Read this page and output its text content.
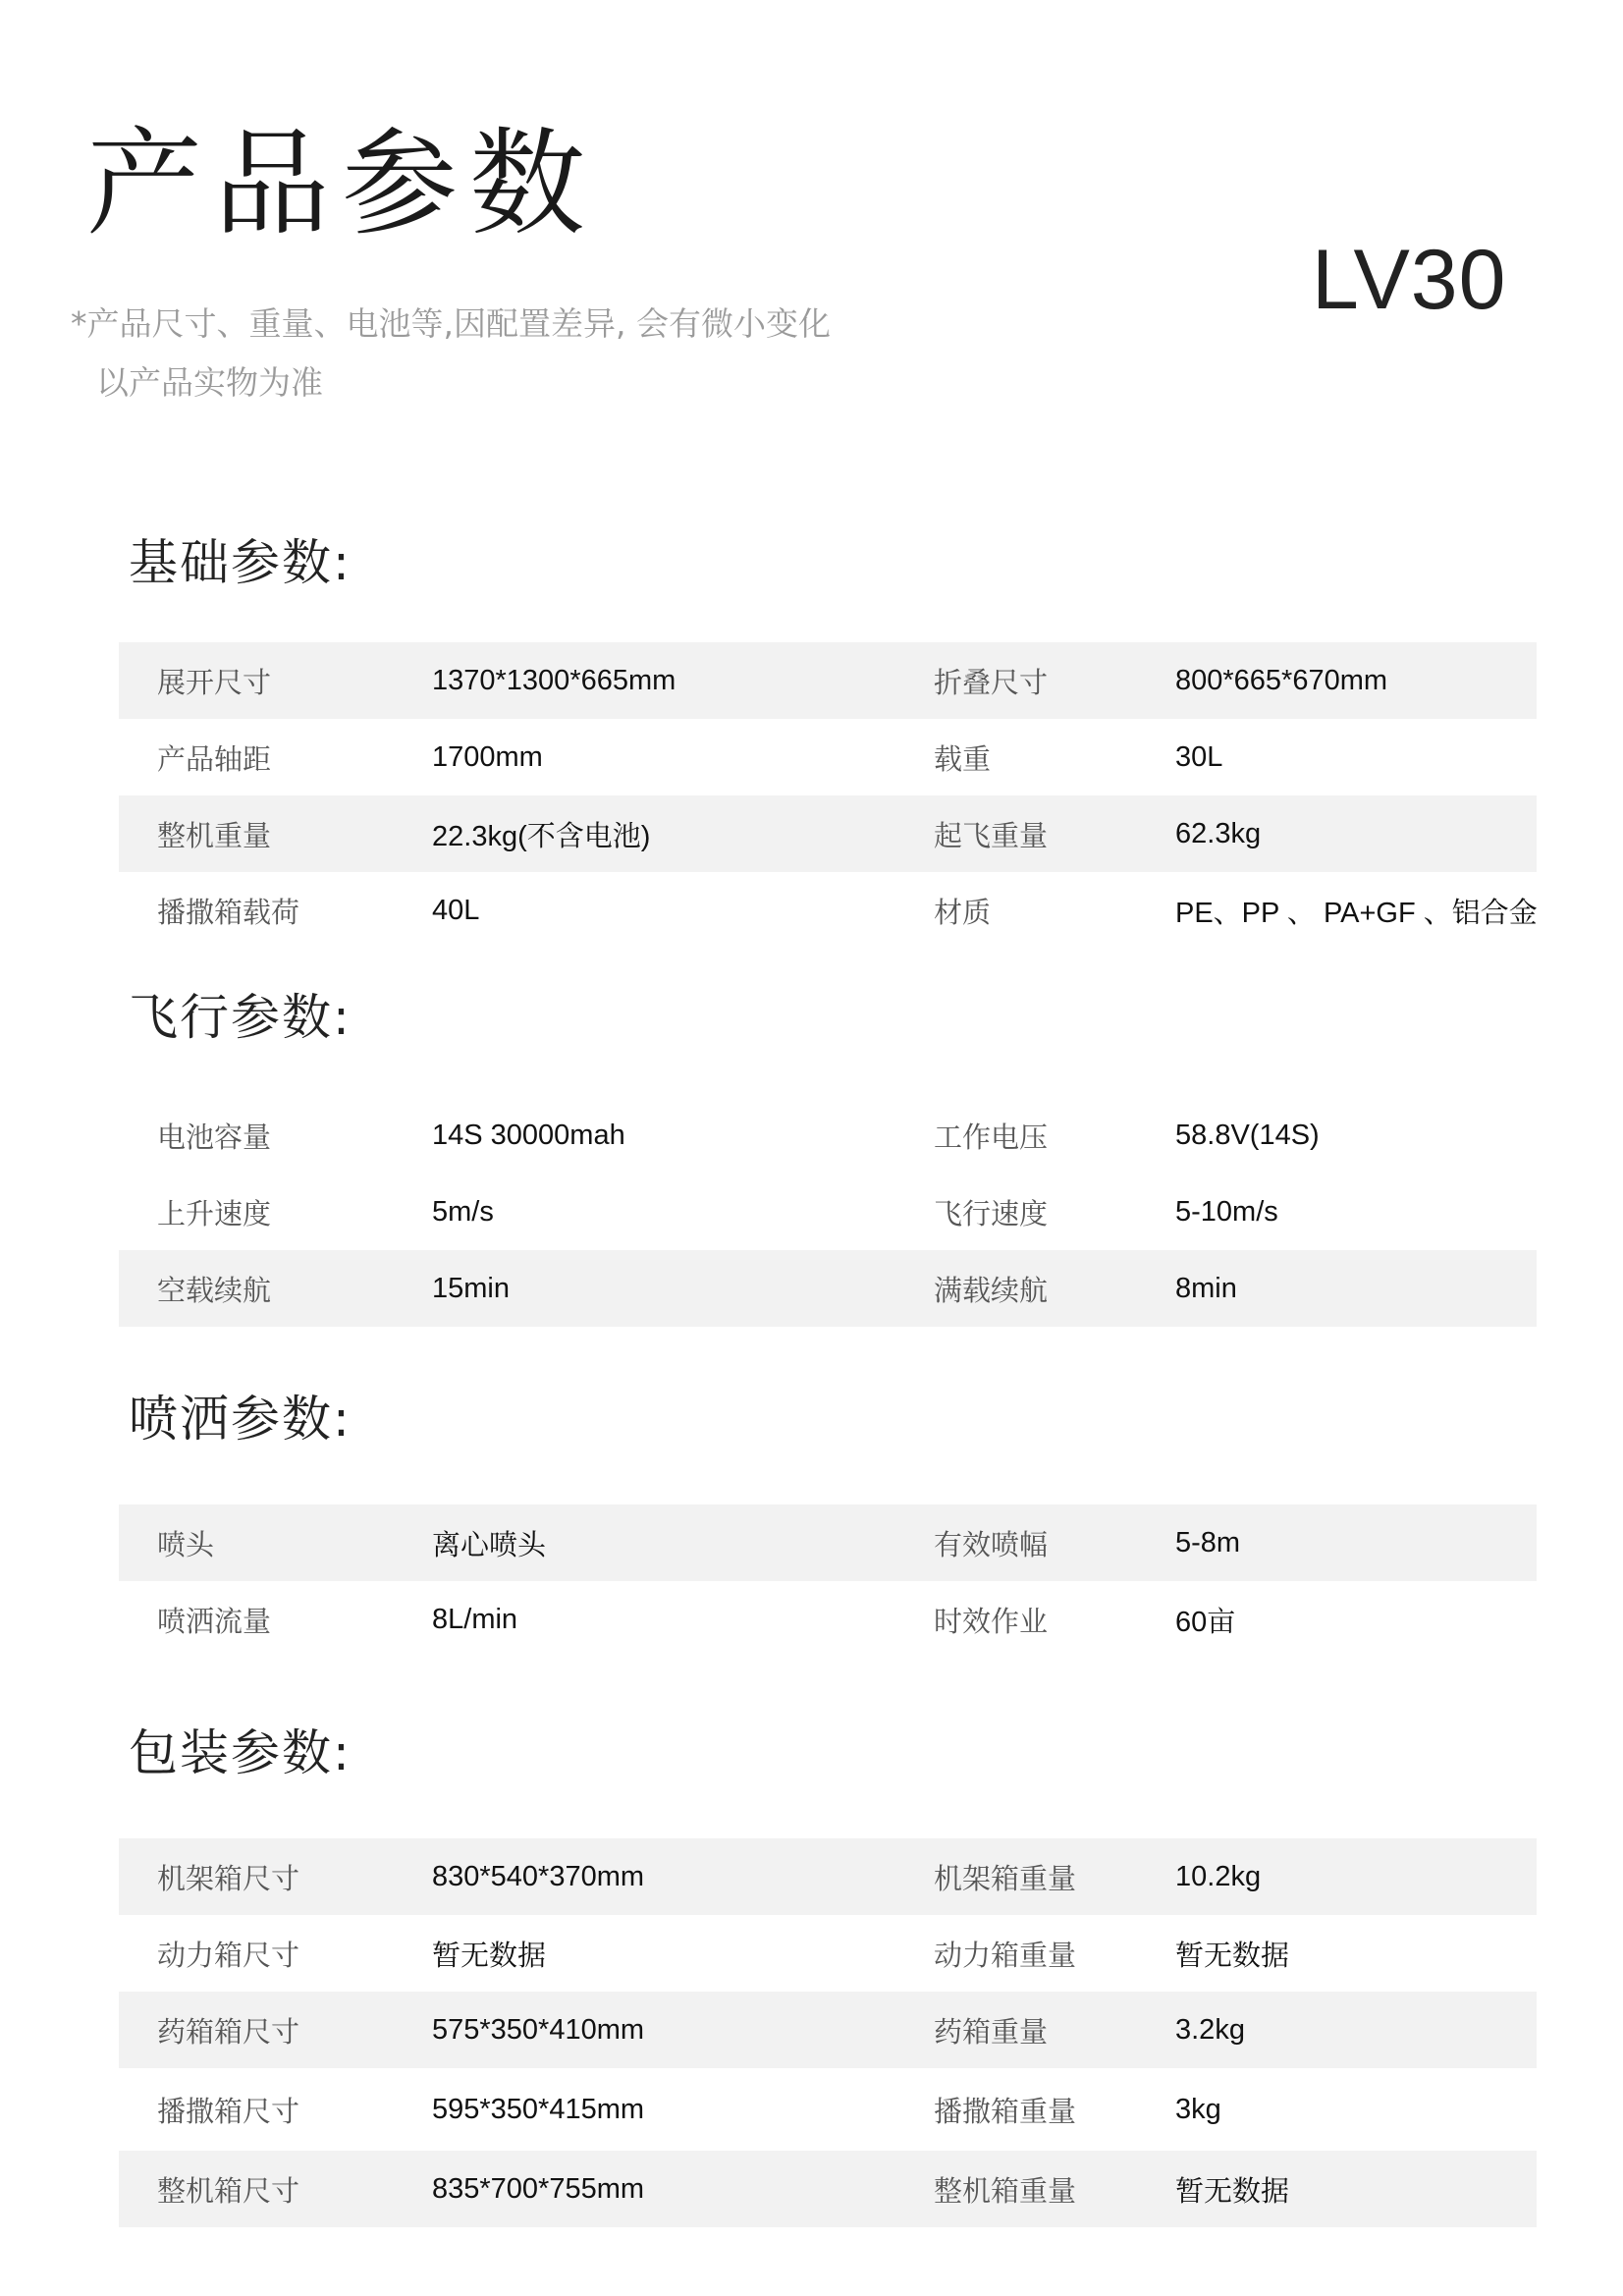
产品参数
*产品尺寸、重量、电池等,因配置差异, 会有微小变化
以产品实物为准
LV30
基础参数:
展开尺寸	1370*1300*665mm	折叠尺寸	800*665*670mm
产品轴距	1700mm	载重	30L
整机重量	22.3kg(不含电池)	起飞重量	62.3kg
播撒箱载荷	40L	材质	PE、PP 、 PA+GF 、铝合金
飞行参数:
电池容量	14S 30000mah	工作电压	58.8V(14S)
上升速度	5m/s	飞行速度	5-10m/s
空载续航	15min	满载续航	8min
喷洒参数:
喷头	离心喷头	有效喷幅	5-8m
喷洒流量	8L/min	时效作业	60亩
包装参数:
机架箱尺寸	830*540*370mm	机架箱重量	10.2kg
动力箱尺寸	暂无数据	动力箱重量	暂无数据
药箱箱尺寸	575*350*410mm	药箱重量	3.2kg
播撒箱尺寸	595*350*415mm	播撒箱重量	3kg
整机箱尺寸	835*700*755mm	整机箱重量	暂无数据
